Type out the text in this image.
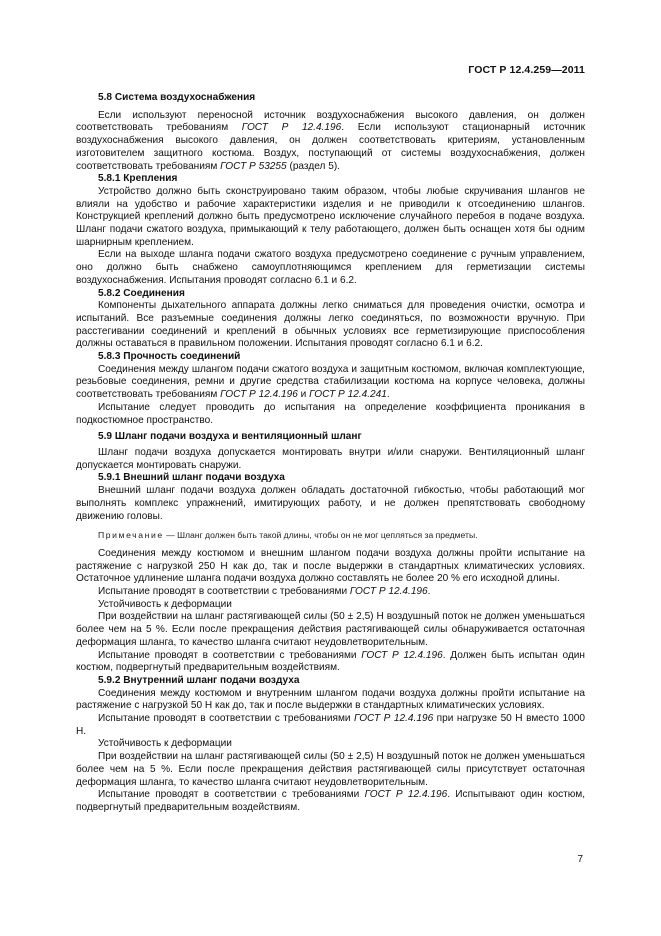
ГОСТ Р 12.4.259—2011
5.8 Система воздухоснабжения

Если используют переносной источник воздухоснабжения высокого давления, он должен соответствовать требованиям ГОСТ Р 12.4.196. Если используют стационарный источник воздухоснабжения высокого давления, он должен соответствовать критериям, установленным изготовителем защитного костюма. Воздух, поступающий от системы воздухоснабжения, должен соответствовать требованиям ГОСТ Р 53255 (раздел 5).

5.8.1 Крепления

Устройство должно быть сконструировано таким образом, чтобы любые скручивания шлангов не влияли на удобство и рабочие характеристики изделия и не приводили к отсоединению шлангов. Конструкцией креплений должно быть предусмотрено исключение случайного перебоя в подаче воздуха. Шланг подачи сжатого воздуха, примыкающий к телу работающего, должен быть оснащен хотя бы одним шарнирным креплением.

Если на выходе шланга подачи сжатого воздуха предусмотрено соединение с ручным управлением, оно должно быть снабжено самоуплотняющимся креплением для герметизации системы воздухоснабжения. Испытания проводят согласно 6.1 и 6.2.

5.8.2 Соединения

Компоненты дыхательного аппарата должны легко сниматься для проведения очистки, осмотра и испытаний. Все разъемные соединения должны легко соединяться, по возможности вручную. При расстегивании соединений и креплений в обычных условиях все герметизирующие приспособления должны оставаться в правильном положении. Испытания проводят согласно 6.1 и 6.2.

5.8.3 Прочность соединений

Соединения между шлангом подачи сжатого воздуха и защитным костюмом, включая комплектующие, резьбовые соединения, ремни и другие средства стабилизации костюма на корпусе человека, должны соответствовать требованиям ГОСТ Р 12.4.196 и ГОСТ Р 12.4.241.

Испытание следует проводить до испытания на определение коэффициента проникания в подкостюмное пространство.

5.9 Шланг подачи воздуха и вентиляционный шланг

Шланг подачи воздуха допускается монтировать внутри и/или снаружи. Вентиляционный шланг допускается монтировать снаружи.

5.9.1 Внешний шланг подачи воздуха

Внешний шланг подачи воздуха должен обладать достаточной гибкостью, чтобы работающий мог выполнять комплекс упражнений, имитирующих работу, и не должен препятствовать свободному движению головы.

Примечание — Шланг должен быть такой длины, чтобы он не мог цепляться за предметы.

Соединения между костюмом и внешним шлангом подачи воздуха должны пройти испытание на растяжение с нагрузкой 250 Н как до, так и после выдержки в стандартных климатических условиях. Остаточное удлинение шланга подачи воздуха должно составлять не более 20 % его исходной длины.

Испытание проводят в соответствии с требованиями ГОСТ Р 12.4.196.

Устойчивость к деформации

При воздействии на шланг растягивающей силы (50 ± 2,5) Н воздушный поток не должен уменьшаться более чем на 5 %. Если после прекращения действия растягивающей силы обнаруживается остаточная деформация шланга, то качество шланга считают неудовлетворительным.

Испытание проводят в соответствии с требованиями ГОСТ Р 12.4.196. Должен быть испытан один костюм, подвергнутый предварительным воздействиям.

5.9.2 Внутренний шланг подачи воздуха

Соединения между костюмом и внутренним шлангом подачи воздуха должны пройти испытание на растяжение с нагрузкой 50 Н как до, так и после выдержки в стандартных климатических условиях.

Испытание проводят в соответствии с требованиями ГОСТ Р 12.4.196 при нагрузке 50 Н вместо 1000 Н.

Устойчивость к деформации

При воздействии на шланг растягивающей силы (50 ± 2,5) Н воздушный поток не должен уменьшаться более чем на 5 %. Если после прекращения действия растягивающей силы присутствует остаточная деформация шланга, то качество шланга считают неудовлетворительным.

Испытание проводят в соответствии с требованиями ГОСТ Р 12.4.196. Испытывают один костюм, подвергнутый предварительным воздействиям.

7
